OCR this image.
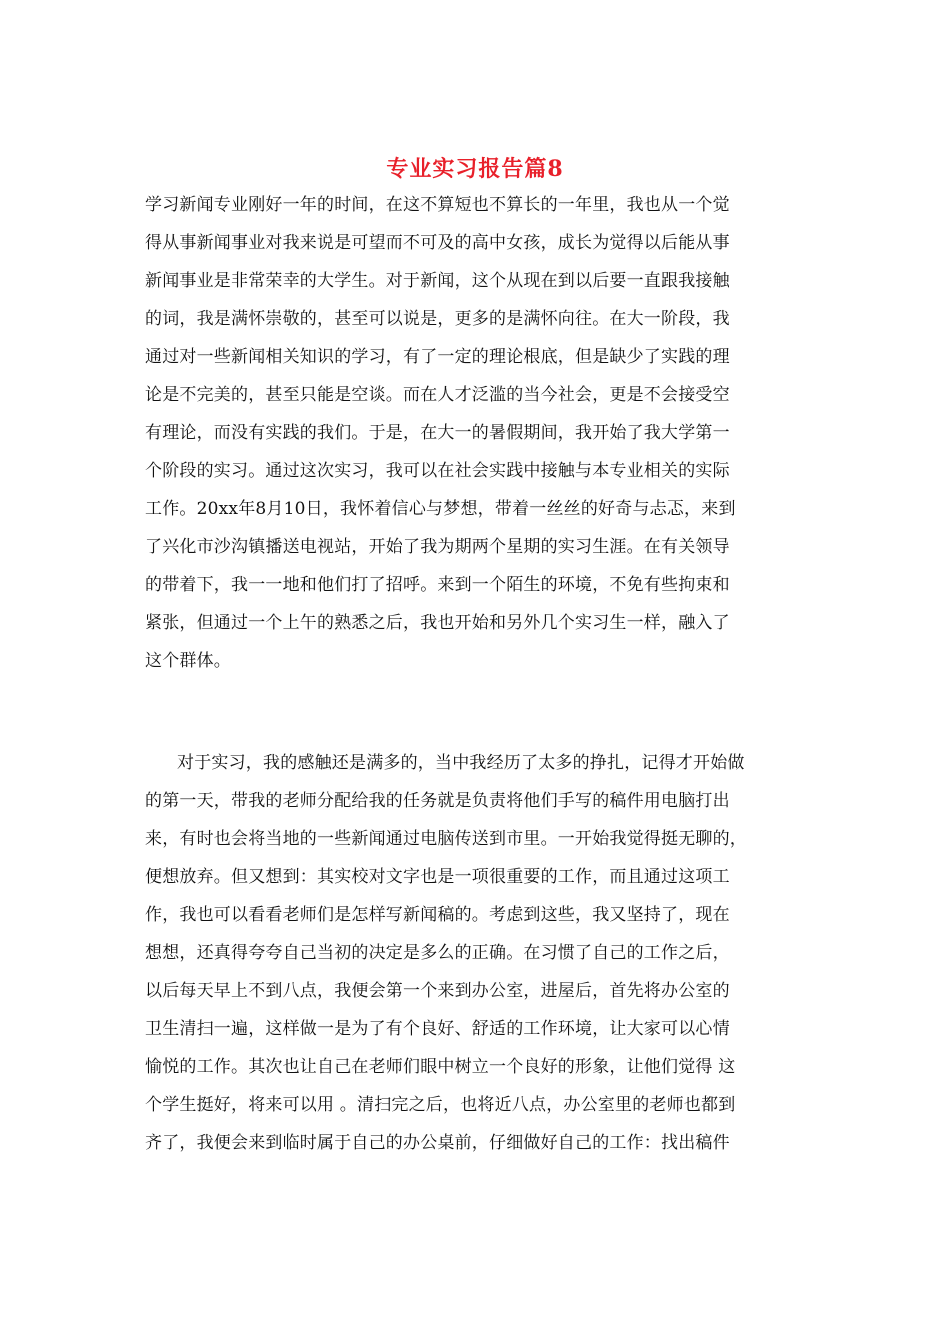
专业实习报告篇8
学习新闻专业刚好一年的时间，在这不算短也不算长的一年里，我也从一个觉
得从事新闻事业对我来说是可望而不可及的高中女孩，成长为觉得以后能从事
新闻事业是非常荣幸的大学生。对于新闻，这个从现在到以后要一直跟我接触
的词，我是满怀崇敬的，甚至可以说是，更多的是满怀向往。在大一阶段，我
通过对一些新闻相关知识的学习，有了一定的理论根底，但是缺少了实践的理
论是不完美的，甚至只能是空谈。而在人才泛滥的当今社会，更是不会接受空
有理论，而没有实践的我们。于是，在大一的暑假期间，我开始了我大学第一
个阶段的实习。通过这次实习，我可以在社会实践中接触与本专业相关的实际
工作。20xx年8月10日，我怀着信心与梦想，带着一丝丝的好奇与忐忑，来到
了兴化市沙沟镇播送电视站，开始了我为期两个星期的实习生涯。在有关领导
的带着下，我一一地和他们打了招呼。来到一个陌生的环境，不免有些拘束和
紧张，但通过一个上午的熟悉之后，我也开始和另外几个实习生一样，融入了
这个群体。
对于实习，我的感触还是满多的，当中我经历了太多的挣扎，记得才开始做
的第一天，带我的老师分配给我的任务就是负责将他们手写的稿件用电脑打出
来，有时也会将当地的一些新闻通过电脑传送到市里。一开始我觉得挺无聊的，
便想放弃。但又想到：其实校对文字也是一项很重要的工作，而且通过这项工
作，我也可以看看老师们是怎样写新闻稿的。考虑到这些，我又坚持了，现在
想想，还真得夸夸自己当初的决定是多么的正确。在习惯了自己的工作之后，
以后每天早上不到八点，我便会第一个来到办公室，进屋后，首先将办公室的
卫生清扫一遍，这样做一是为了有个良好、舒适的工作环境，让大家可以心情
愉悦的工作。其次也让自己在老师们眼中树立一个良好的形象，让他们觉得 这
个学生挺好，将来可以用 。清扫完之后，也将近八点，办公室里的老师也都到
齐了，我便会来到临时属于自己的办公桌前，仔细做好自己的工作：找出稿件
